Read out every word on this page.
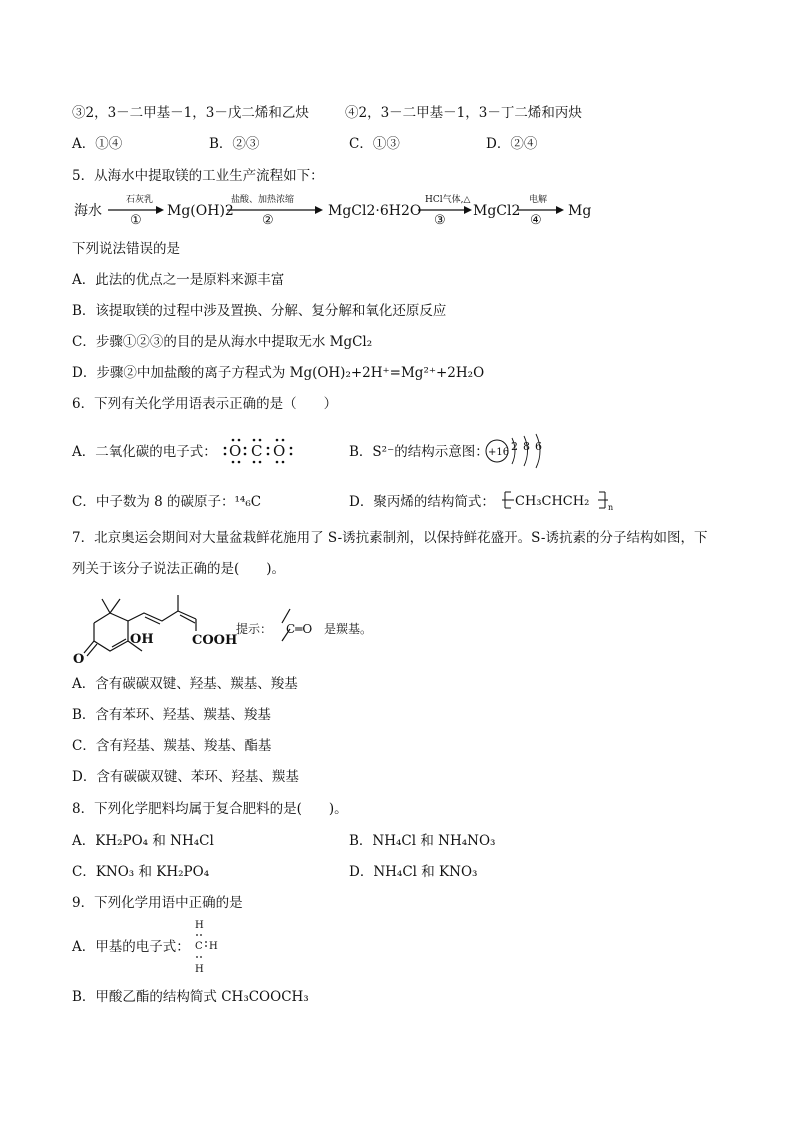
③2，3－二甲基－1，3－戊二烯和乙炔	④2，3－二甲基－1，3－丁二烯和丙炔
A．①④	B．②③	C．①③	D．②④
5．从海水中提取镁的工业生产流程如下：
海水
石灰乳
①
Mg(OH)2
盐酸、加热浓缩
②
MgCl2·6H2O
HCl气体,△
③
MgCl2
电解
④
Mg
下列说法错误的是
A．此法的优点之一是原料来源丰富
B．该提取镁的过程中涉及置换、分解、复分解和氧化还原反应
C．步骤①②③的目的是从海水中提取无水 MgCl₂
D．步骤②中加盐酸的离子方程式为 Mg(OH)₂+2H⁺=Mg²⁺+2H₂O
6．下列有关化学用语表示正确的是（　　）
A．二氧化碳的电子式： O C O	B．S²⁻的结构示意图： +16 2 8 6
C．中子数为 8 的碳原子：¹⁴₆C	D．聚丙烯的结构简式： CH₃CHCH₂ n
7．北京奥运会期间对大量盆栽鲜花施用了 S-诱抗素制剂，以保持鲜花盛开。S-诱抗素的分子结构如图，下
列关于该分子说法正确的是(　　)。
OH	COOH
O
提示： C═O 是羰基。
A．含有碳碳双键、羟基、羰基、羧基
B．含有苯环、羟基、羰基、羧基
C．含有羟基、羰基、羧基、酯基
D．含有碳碳双键、苯环、羟基、羰基
8．下列化学肥料均属于复合肥料的是(　　)。
A．KH₂PO₄ 和 NH₄Cl	B．NH₄Cl 和 NH₄NO₃
C．KNO₃ 和 KH₂PO₄	D．NH₄Cl 和 KNO₃
9．下列化学用语中正确的是
A．甲基的电子式：
H
C H
H
B．甲酸乙酯的结构简式 CH₃COOCH₃
